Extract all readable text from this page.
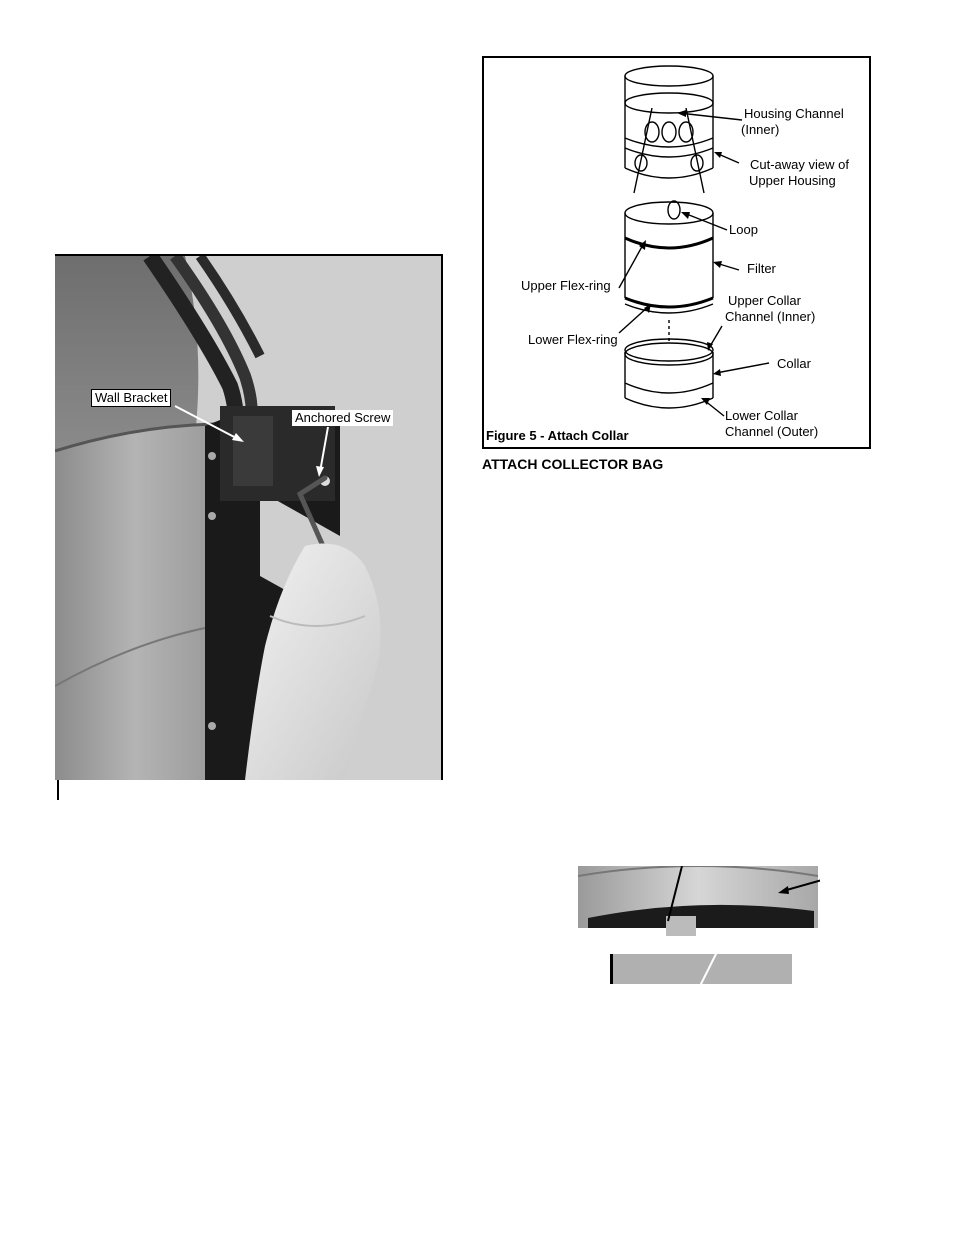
Wall Bracket
Anchored Screw
Housing Channel
(Inner)
Cut-away view of
Upper Housing
Loop
Filter
Upper Flex-ring
Upper Collar
Channel (Inner)
Lower Flex-ring
Collar
Lower Collar
Channel (Outer)
Figure 5 - Attach Collar
ATTACH COLLECTOR BAG
